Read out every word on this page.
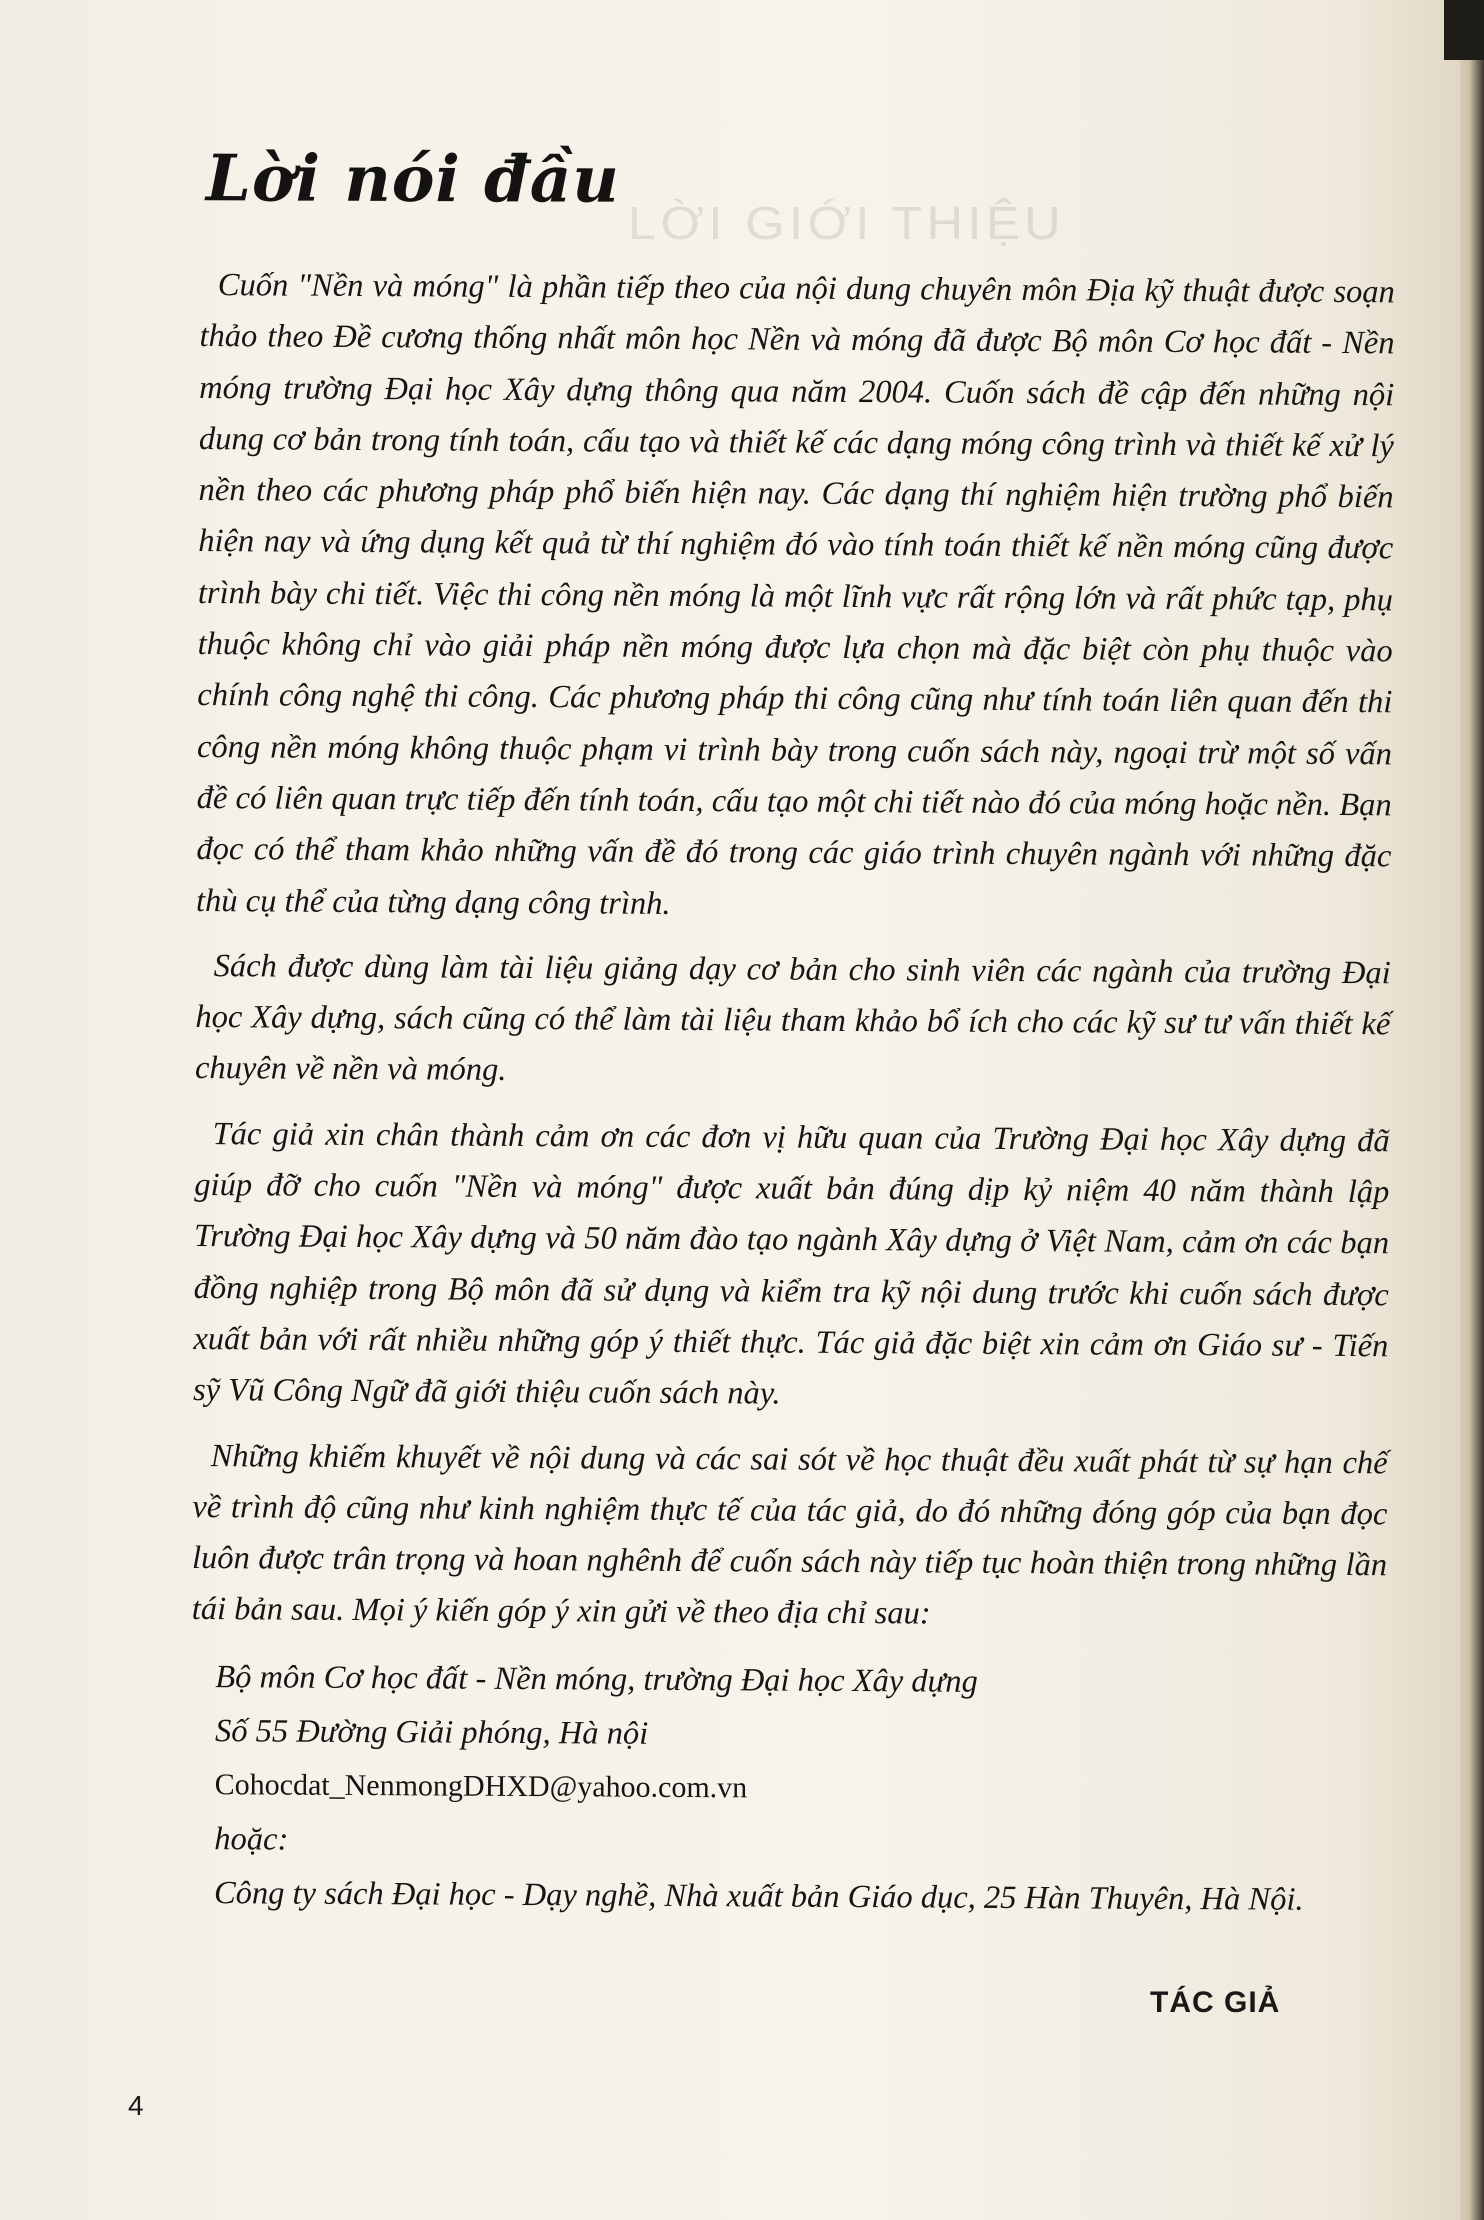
LỜI GIỚI THIỆU
Lời nói đầu

Cuốn "Nền và móng" là phần tiếp theo của nội dung chuyên môn Địa kỹ thuật được soạn thảo theo Đề cương thống nhất môn học Nền và móng đã được Bộ môn Cơ học đất - Nền móng trường Đại học Xây dựng thông qua năm 2004. Cuốn sách đề cập đến những nội dung cơ bản trong tính toán, cấu tạo và thiết kế các dạng móng công trình và thiết kế xử lý nền theo các phương pháp phổ biến hiện nay. Các dạng thí nghiệm hiện trường phổ biến hiện nay và ứng dụng kết quả từ thí nghiệm đó vào tính toán thiết kế nền móng cũng được trình bày chi tiết. Việc thi công nền móng là một lĩnh vực rất rộng lớn và rất phức tạp, phụ thuộc không chỉ vào giải pháp nền móng được lựa chọn mà đặc biệt còn phụ thuộc vào chính công nghệ thi công. Các phương pháp thi công cũng như tính toán liên quan đến thi công nền móng không thuộc phạm vi trình bày trong cuốn sách này, ngoại trừ một số vấn đề có liên quan trực tiếp đến tính toán, cấu tạo một chi tiết nào đó của móng hoặc nền. Bạn đọc có thể tham khảo những vấn đề đó trong các giáo trình chuyên ngành với những đặc thù cụ thể của từng dạng công trình.

Sách được dùng làm tài liệu giảng dạy cơ bản cho sinh viên các ngành của trường Đại học Xây dựng, sách cũng có thể làm tài liệu tham khảo bổ ích cho các kỹ sư tư vấn thiết kế chuyên về nền và móng.

Tác giả xin chân thành cảm ơn các đơn vị hữu quan của Trường Đại học Xây dựng đã giúp đỡ cho cuốn "Nền và móng" được xuất bản đúng dịp kỷ niệm 40 năm thành lập Trường Đại học Xây dựng và 50 năm đào tạo ngành Xây dựng ở Việt Nam, cảm ơn các bạn đồng nghiệp trong Bộ môn đã sử dụng và kiểm tra kỹ nội dung trước khi cuốn sách được xuất bản với rất nhiều những góp ý thiết thực. Tác giả đặc biệt xin cảm ơn Giáo sư - Tiến sỹ Vũ Công Ngữ đã giới thiệu cuốn sách này.

Những khiếm khuyết về nội dung và các sai sót về học thuật đều xuất phát từ sự hạn chế về trình độ cũng như kinh nghiệm thực tế của tác giả, do đó những đóng góp của bạn đọc luôn được trân trọng và hoan nghênh để cuốn sách này tiếp tục hoàn thiện trong những lần tái bản sau. Mọi ý kiến góp ý xin gửi về theo địa chỉ sau:

Bộ môn Cơ học đất - Nền móng, trường Đại học Xây dựng
Số 55 Đường Giải phóng, Hà nội
Cohocdat_NenmongDHXD@yahoo.com.vn
hoặc:
Công ty sách Đại học - Dạy nghề, Nhà xuất bản Giáo dục, 25 Hàn Thuyên, Hà Nội.
TÁC GIẢ
4
